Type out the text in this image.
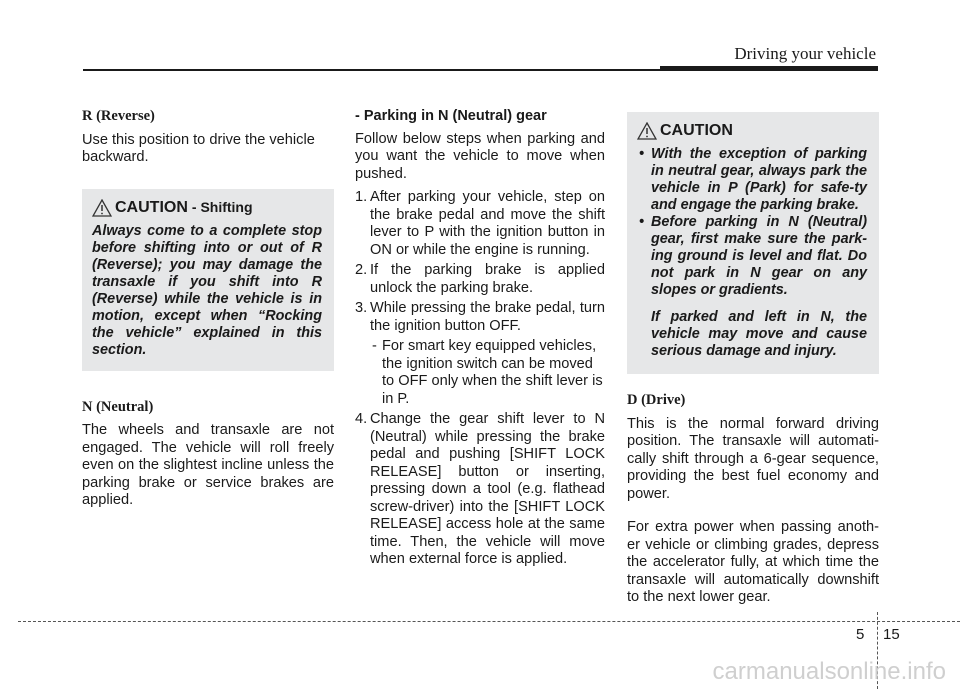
Driving your vehicle
R (Reverse)

Use this position to drive the vehicle backward.

CAUTION - Shifting
Always come to a complete stop before shifting into or out of R (Reverse); you may damage the transaxle if you shift into R (Reverse) while the vehicle is in motion, except when “Rocking the vehicle” explained in this section.
N (Neutral)

The wheels and transaxle are not engaged. The vehicle will roll freely even on the slightest incline unless the parking brake or service brakes are applied.

- Parking in N (Neutral) gear

Follow below steps when parking and you want the vehicle to move when pushed.

1. After parking your vehicle, step on the brake pedal and move the shift lever to P with the ignition button in ON or while the engine is running.
2. If the parking brake is applied unlock the parking brake.
3. While pressing the brake pedal, turn the ignition button OFF.
- For smart key equipped vehicles, the ignition switch can be moved to OFF only when the shift lever is in P.
4. Change the gear shift lever to N (Neutral) while pressing the brake pedal and pushing [SHIFT LOCK RELEASE] button or inserting, pressing down a tool (e.g. flathead screw-driver) into the [SHIFT LOCK RELEASE] access hole at the same time. Then, the vehicle will move when external force is applied.
CAUTION
• With the exception of parking in neutral gear, always park the vehicle in P (Park) for safe-ty and engage the parking brake.
• Before parking in N (Neutral) gear, first make sure the park-ing ground is level and flat. Do not park in N gear on any slopes or gradients.
If parked and left in N, the vehicle may move and cause serious damage and injury.
D (Drive)

This is the normal forward driving position. The transaxle will automati-cally shift through a 6-gear sequence, providing the best fuel economy and power.

For extra power when passing anoth-er vehicle or climbing grades, depress the accelerator fully, at which time the transaxle will automatically downshift to the next lower gear.

5 15
carmanualsonline.info
